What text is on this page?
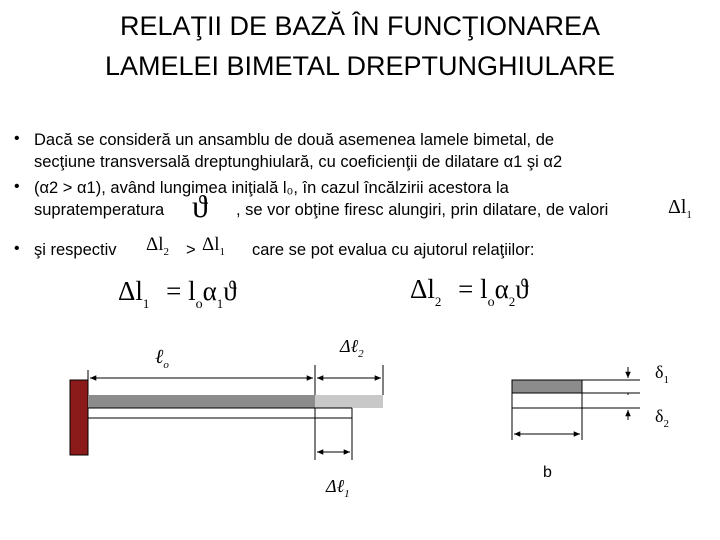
RELAŢII DE BAZĂ ÎN FUNCŢIONAREA
LAMELEI BIMETAL DREPTUNGHIULARE
• Dacă se consideră un ansamblu de două asemenea lamele bimetal, de
secţiune transversală dreptunghiulară, cu coeficienţii de dilatare α1 şi α2
• (α2 > α1), având lungimea iniţială l₀, în cazul încălzirii acestora la
supratemperatura ϑ , se vor obţine firesc alungiri, prin dilatare, de valori	$\Delta l_1$
• şi respectiv $\Delta l_2 > \Delta l_1$ care se pot evalua cu ajutorul relaţiilor:
$\Delta l_1 = l_o\alpha_1ϑ$	$\Delta l_2 = l_o\alpha_2ϑ$
ℓ$_o$
Δℓ$_2$
Δℓ$_1$
$\delta_1$
$\delta_2$
b
